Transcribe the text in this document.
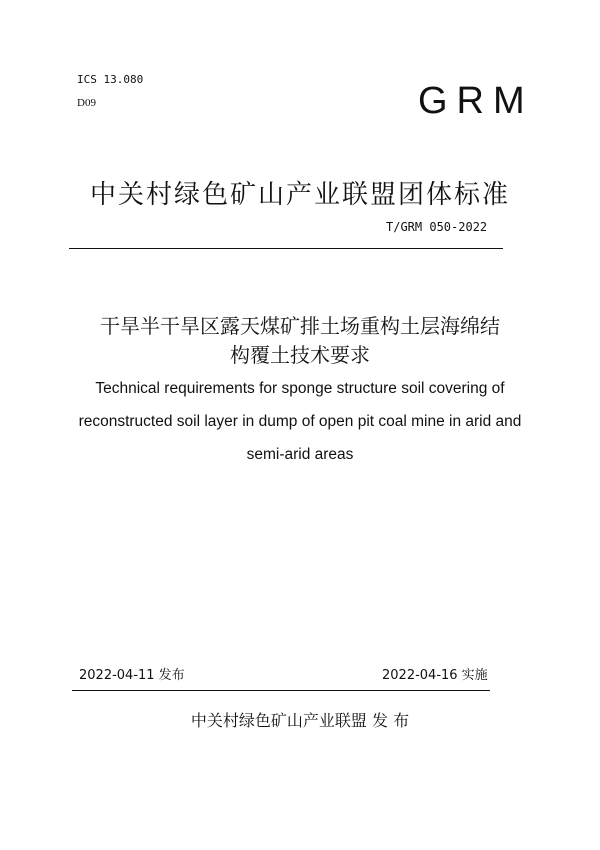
ICS 13.080
D09	GRM
中关村绿色矿山产业联盟团体标准
T/GRM 050-2022
干旱半干旱区露天煤矿排土场重构土层海绵结
构覆土技术要求
Technical requirements for sponge structure soil covering of
reconstructed soil layer in dump of open pit coal mine in arid and
semi-arid areas
2022-04-11 发布	2022-04-16 实施
中关村绿色矿山产业联盟 发 布
